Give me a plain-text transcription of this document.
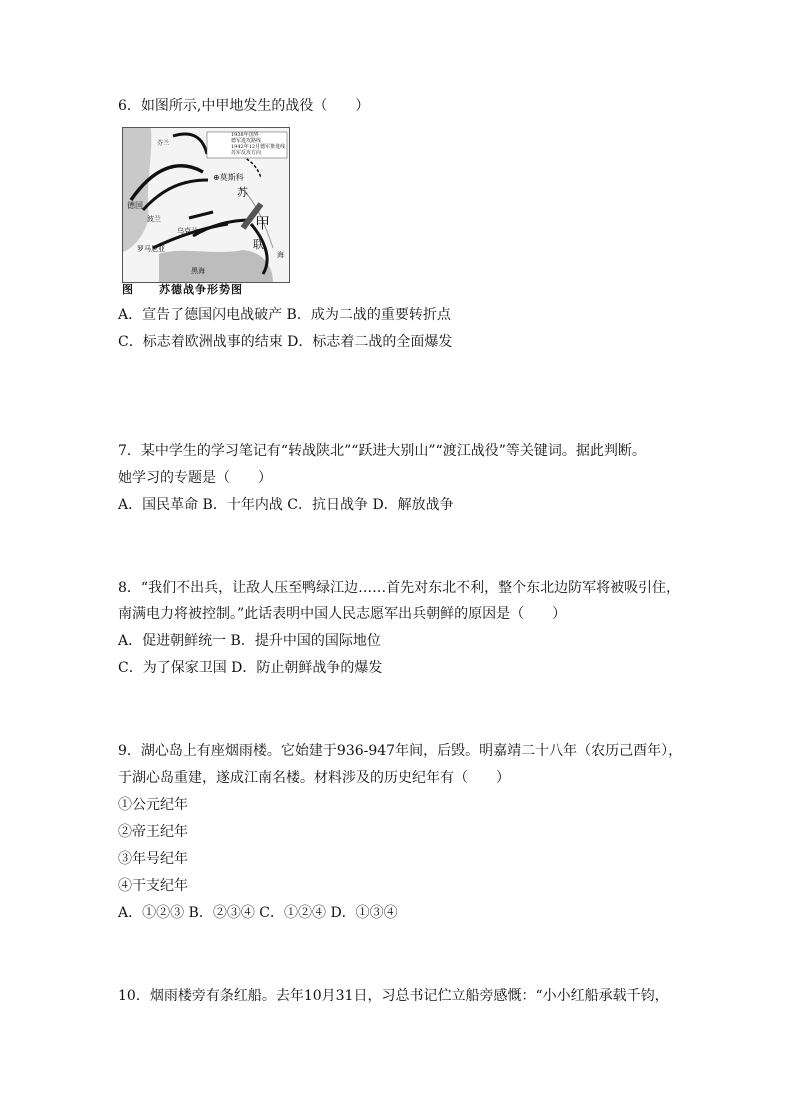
6．如图所示,中甲地发生的战役（　　）
1938年国界
德军进攻路线
1942年12月德军推进线
苏军反攻方向
芬兰
⊕莫斯科
苏
甲
联
德国
波兰
乌克兰
罗马尼亚
黑海
海
图 苏德战争形势图
A．宣告了德国闪电战破产 B．成为二战的重要转折点
C．标志着欧洲战事的结束 D．标志着二战的全面爆发
7．某中学生的学习笔记有“转战陕北”“跃进大别山”“渡江战役”等关键词。据此判断。
她学习的专题是（　　）
A．国民革命 B．十年内战 C．抗日战争 D．解放战争
8．“我们不出兵，让敌人压至鸭绿江边……首先对东北不利，整个东北边防军将被吸引住，
南满电力将被控制。”此话表明中国人民志愿军出兵朝鲜的原因是（　　）
A．促进朝鲜统一 B．提升中国的国际地位
C．为了保家卫国 D．防止朝鲜战争的爆发
9．湖心岛上有座烟雨楼。它始建于936-947年间，后毁。明嘉靖二十八年（农历己酉年），
于湖心岛重建，遂成江南名楼。材料涉及的历史纪年有（　　）
①公元纪年
②帝王纪年
③年号纪年
④干支纪年
A．①②③ B．②③④ C．①②④ D．①③④
10．烟雨楼旁有条红船。去年10月31日，习总书记伫立船旁感慨：“小小红船承载千钧，
